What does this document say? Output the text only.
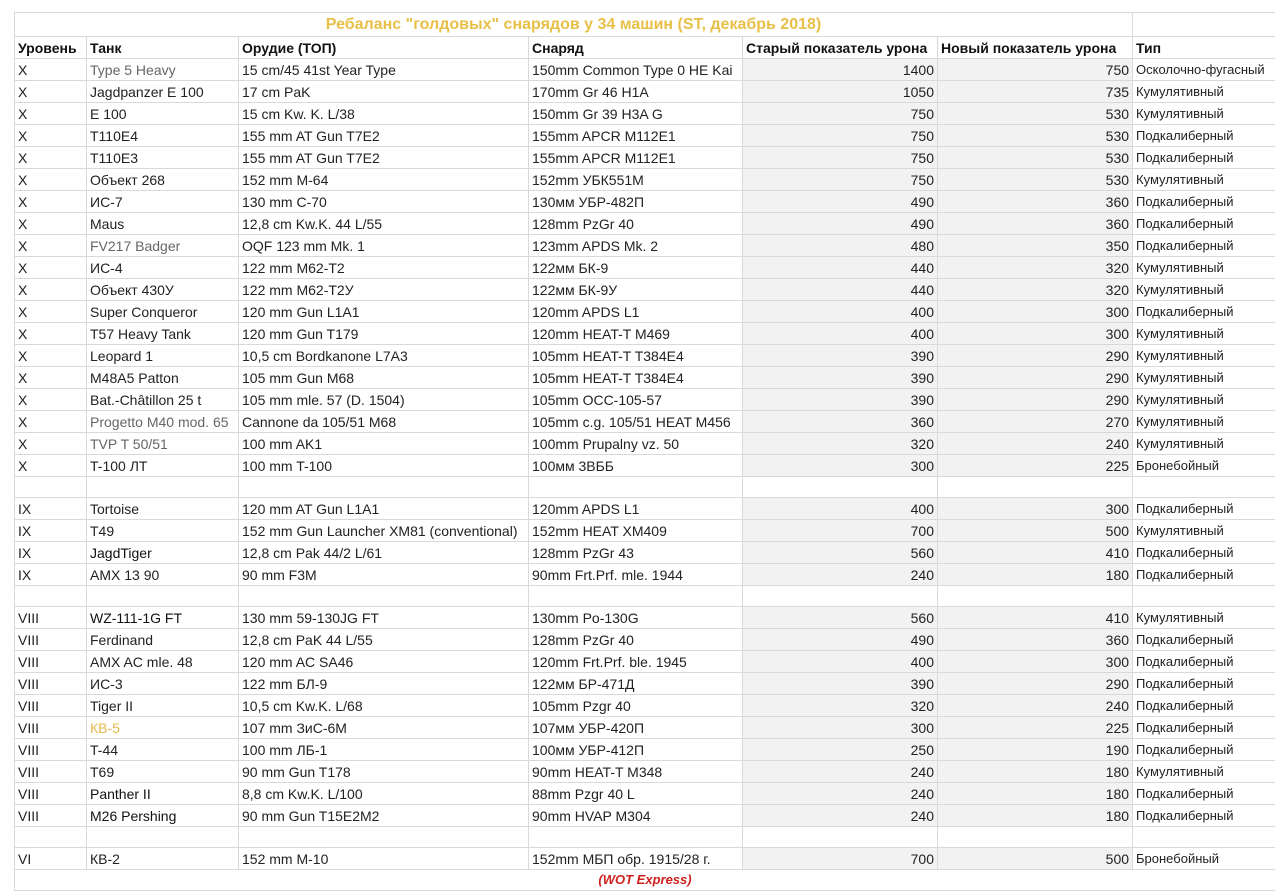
Ребаланс "голдовых" снарядов у 34 машин (ST, декабрь 2018)						
Уровень	Танк	Орудие (ТОП)	Снаряд	Старый показатель урона	Новый показатель урона	Тип
X	Type 5 Heavy	15 cm/45 41st Year Type	150mm Common Type 0 HE Kai	1400	750	Осколочно-фугасный
X	Jagdpanzer E 100	17 cm PaK	170mm Gr 46 H1A	1050	735	Кумулятивный
X	E 100	15 cm Kw. K. L/38	150mm Gr 39 H3A G	750	530	Кумулятивный
X	T110E4	155 mm AT Gun T7E2	155mm APCR M112E1	750	530	Подкалиберный
X	T110E3	155 mm AT Gun T7E2	155mm APCR M112E1	750	530	Подкалиберный
X	Объект 268	152 mm M-64	152mm УБК551М	750	530	Кумулятивный
X	ИС-7	130 mm C-70	130мм УБР-482П	490	360	Подкалиберный
X	Maus	12,8 cm Kw.K. 44 L/55	128mm PzGr 40	490	360	Подкалиберный
X	FV217 Badger	OQF 123 mm Mk. 1	123mm APDS Mk. 2	480	350	Подкалиберный
X	ИС-4	122 mm M62-T2	122мм БК-9	440	320	Кумулятивный
X	Объект 430У	122 mm M62-T2У	122мм БК-9У	440	320	Кумулятивный
X	Super Conqueror	120 mm Gun L1A1	120mm APDS L1	400	300	Подкалиберный
X	T57 Heavy Tank	120 mm Gun T179	120mm HEAT-T M469	400	300	Кумулятивный
X	Leopard 1	10,5 cm Bordkanone L7A3	105mm HEAT-T T384E4	390	290	Кумулятивный
X	M48A5 Patton	105 mm Gun M68	105mm HEAT-T T384E4	390	290	Кумулятивный
X	Bat.-Châtillon 25 t	105 mm mle. 57 (D. 1504)	105mm OCC-105-57	390	290	Кумулятивный
X	Progetto M40 mod. 65	Cannone da 105/51 M68	105mm c.g. 105/51 HEAT M456	360	270	Кумулятивный
X	TVP T 50/51	100 mm AK1	100mm Prupalny vz. 50	320	240	Кумулятивный
X	T-100 ЛТ	100 mm T-100	100мм 3ВББ	300	225	Бронебойный

IX	Tortoise	120 mm AT Gun L1A1	120mm APDS L1	400	300	Подкалиберный
IX	T49	152 mm Gun Launcher XM81 (conventional)	152mm HEAT XM409	700	500	Кумулятивный
IX	JagdTiger	12,8 cm Pak 44/2 L/61	128mm PzGr 43	560	410	Подкалиберный
IX	AMX 13 90	90 mm F3M	90mm Frt.Prf. mle. 1944	240	180	Подкалиберный

VIII	WZ-111-1G FT	130 mm 59-130JG FT	130mm Po-130G	560	410	Кумулятивный
VIII	Ferdinand	12,8 cm PaK 44 L/55	128mm PzGr 40	490	360	Подкалиберный
VIII	AMX AC mle. 48	120 mm AC SA46	120mm Frt.Prf. ble. 1945	400	300	Подкалиберный
VIII	ИС-3	122 mm БЛ-9	122мм БР-471Д	390	290	Подкалиберный
VIII	Tiger II	10,5 cm Kw.K. L/68	105mm Pzgr 40	320	240	Подкалиберный
VIII	КВ-5	107 mm ЗиС-6М	107мм УБР-420П	300	225	Подкалиберный
VIII	T-44	100 mm ЛБ-1	100мм УБР-412П	250	190	Подкалиберный
VIII	T69	90 mm Gun T178	90mm HEAT-T M348	240	180	Кумулятивный
VIII	Panther II	8,8 cm Kw.K. L/100	88mm Pzgr 40 L	240	180	Подкалиберный
VIII	M26 Pershing	90 mm Gun T15E2M2	90mm HVAP M304	240	180	Подкалиберный

VI	КВ-2	152 mm M-10	152mm МБП обр. 1915/28 г.	700	500	Бронебойный
(WOT Express)						
